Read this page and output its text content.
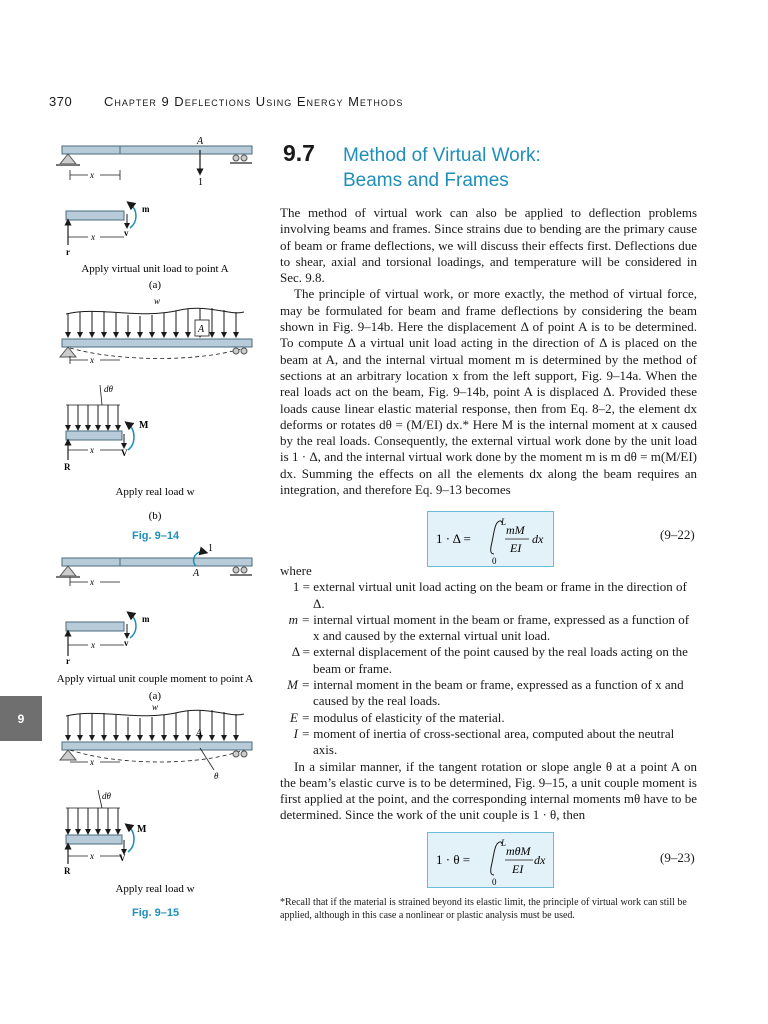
370 Chapter 9 Deflections Using Energy Methods
9.7 Method of Virtual Work:
Beams and Frames

The method of virtual work can also be applied to deflection problems involving beams and frames. Since strains due to bending are the primary cause of beam or frame deflections, we will discuss their effects first. Deflections due to shear, axial and torsional loadings, and temperature will be considered in Sec. 9.8.

The principle of virtual work, or more exactly, the method of virtual force, may be formulated for beam and frame deflections by considering the beam shown in Fig. 9–14b. Here the displacement Δ of point A is to be determined. To compute Δ a virtual unit load acting in the direction of Δ is placed on the beam at A, and the internal virtual moment m is determined by the method of sections at an arbitrary location x from the left support, Fig. 9–14a. When the real loads act on the beam, Fig. 9–14b, point A is displaced Δ. Provided these loads cause linear elastic material response, then from Eq. 8–2, the element dx deforms or rotates dθ = (M/EI) dx.* Here M is the internal moment at x caused by the real loads. Consequently, the external virtual work done by the unit load is 1 · Δ, and the internal virtual work done by the moment m is m dθ = m(M/EI) dx. Summing the effects on all the elements dx along the beam requires an integration, and therefore Eq. 9–13 becomes

1 · Δ =
L
0
mM
EI
dx	(9–22)
where
1 = external virtual unit load acting on the beam or frame in the direction of Δ.
m = internal virtual moment in the beam or frame, expressed as a function of x and caused by the external virtual unit load.
Δ = external displacement of the point caused by the real loads acting on the beam or frame.
M = internal moment in the beam or frame, expressed as a function of x and caused by the real loads.
E = modulus of elasticity of the material.
I = moment of inertia of cross-sectional area, computed about the neutral axis.

In a similar manner, if the tangent rotation or slope angle θ at a point A on the beam’s elastic curve is to be determined, Fig. 9–15, a unit couple moment is first applied at the point, and the corresponding internal moments mθ have to be determined. Since the work of the unit couple is 1 · θ, then

1 · θ =
L
0
mθM
EI
dx	(9–23)
*Recall that if the material is strained beyond its elastic limit, the principle of virtual work can still be applied, although in this case a nonlinear or plastic analysis must be used.
9
A
1
x
r
m
v
x
Apply virtual unit load to point A
(a)
w
A
x
dθ
R
M
V
x
Apply real load w
(b)
1
A
x
r
m
v
x
Apply virtual unit couple moment to point A
(a)
w
A
θ
x
dθ
R
M
V
x
Apply real load w
Fig. 9–14
Fig. 9–15
